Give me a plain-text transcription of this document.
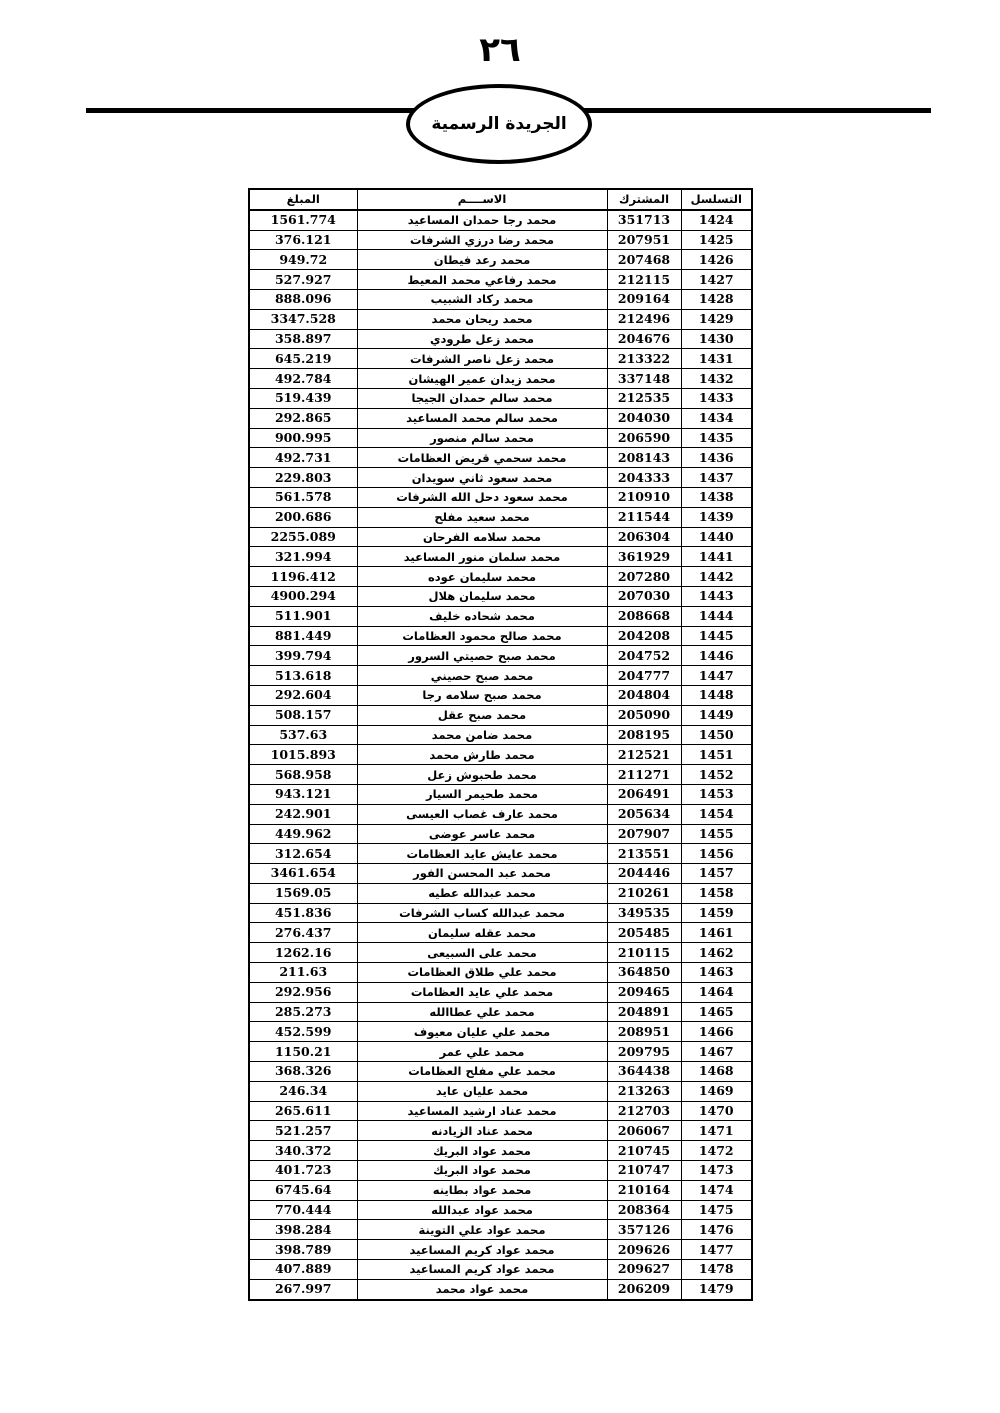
٢٦
الجريدة الرسمية
التسلسل	المشترك	الاســــم	المبلغ
1424	351713	محمد رجا حمدان المساعيد	1561.774
1425	207951	محمد رضا درزي الشرفات	376.121
1426	207468	محمد رعد فيطان	949.72
1427	212115	محمد رفاعي محمد المعيط	527.927
1428	209164	محمد ركاد الشبيب	888.096
1429	212496	محمد ريحان محمد	3347.528
1430	204676	محمد زعل طرودي	358.897
1431	213322	محمد زعل ناصر الشرفات	645.219
1432	337148	محمد زيدان عمير الهيشان	492.784
1433	212535	محمد سالم حمدان الجيجا	519.439
1434	204030	محمد سالم محمد المساعيد	292.865
1435	206590	محمد سالم منصور	900.995
1436	208143	محمد سحمي قريض العظامات	492.731
1437	204333	محمد سعود ثاني سويدان	229.803
1438	210910	محمد سعود دحل الله الشرفات	561.578
1439	211544	محمد سعيد مفلح	200.686
1440	206304	محمد سلامه الفرحان	2255.089
1441	361929	محمد سلمان منور المساعيد	321.994
1442	207280	محمد سليمان عوده	1196.412
1443	207030	محمد سليمان هلال	4900.294
1444	208668	محمد شحاده خليف	511.901
1445	204208	محمد صالح محمود العظامات	881.449
1446	204752	محمد صبح حصيتي السرور	399.794
1447	204777	محمد صبح حصيني	513.618
1448	204804	محمد صبح سلامه رجا	292.604
1449	205090	محمد صبح عقل	508.157
1450	208195	محمد ضامن محمد	537.63
1451	212521	محمد طارش محمد	1015.893
1452	211271	محمد طحبوش زعل	568.958
1453	206491	محمد طحيمر السيار	943.121
1454	205634	محمد عارف غصاب العيسى	242.901
1455	207907	محمد عاسر عوضى	449.962
1456	213551	محمد عايش عايد العظامات	312.654
1457	204446	محمد عبد المحسن الفور	3461.654
1458	210261	محمد عبدالله عطيه	1569.05
1459	349535	محمد عبدالله كساب الشرفات	451.836
1461	205485	محمد عقله سليمان	276.437
1462	210115	محمد على السبيعى	1262.16
1463	364850	محمد علي طلاق العظامات	211.63
1464	209465	محمد علي عايد العظامات	292.956
1465	204891	محمد علي عطاالله	285.273
1466	208951	محمد علي عليان معيوف	452.599
1467	209795	محمد علي عمر	1150.21
1468	364438	محمد علي مفلح العظامات	368.326
1469	213263	محمد عليان عايد	246.34
1470	212703	محمد عناد ارشيد المساعيد	265.611
1471	206067	محمد عناد الزيادنه	521.257
1472	210745	محمد عواد البريك	340.372
1473	210747	محمد عواد البريك	401.723
1474	210164	محمد عواد بطاينه	6745.64
1475	208364	محمد عواد عبدالله	770.444
1476	357126	محمد عواد علي التوينة	398.284
1477	209626	محمد عواد كريم المساعيد	398.789
1478	209627	محمد عواد كريم المساعيد	407.889
1479	206209	محمد عواد محمد	267.997
